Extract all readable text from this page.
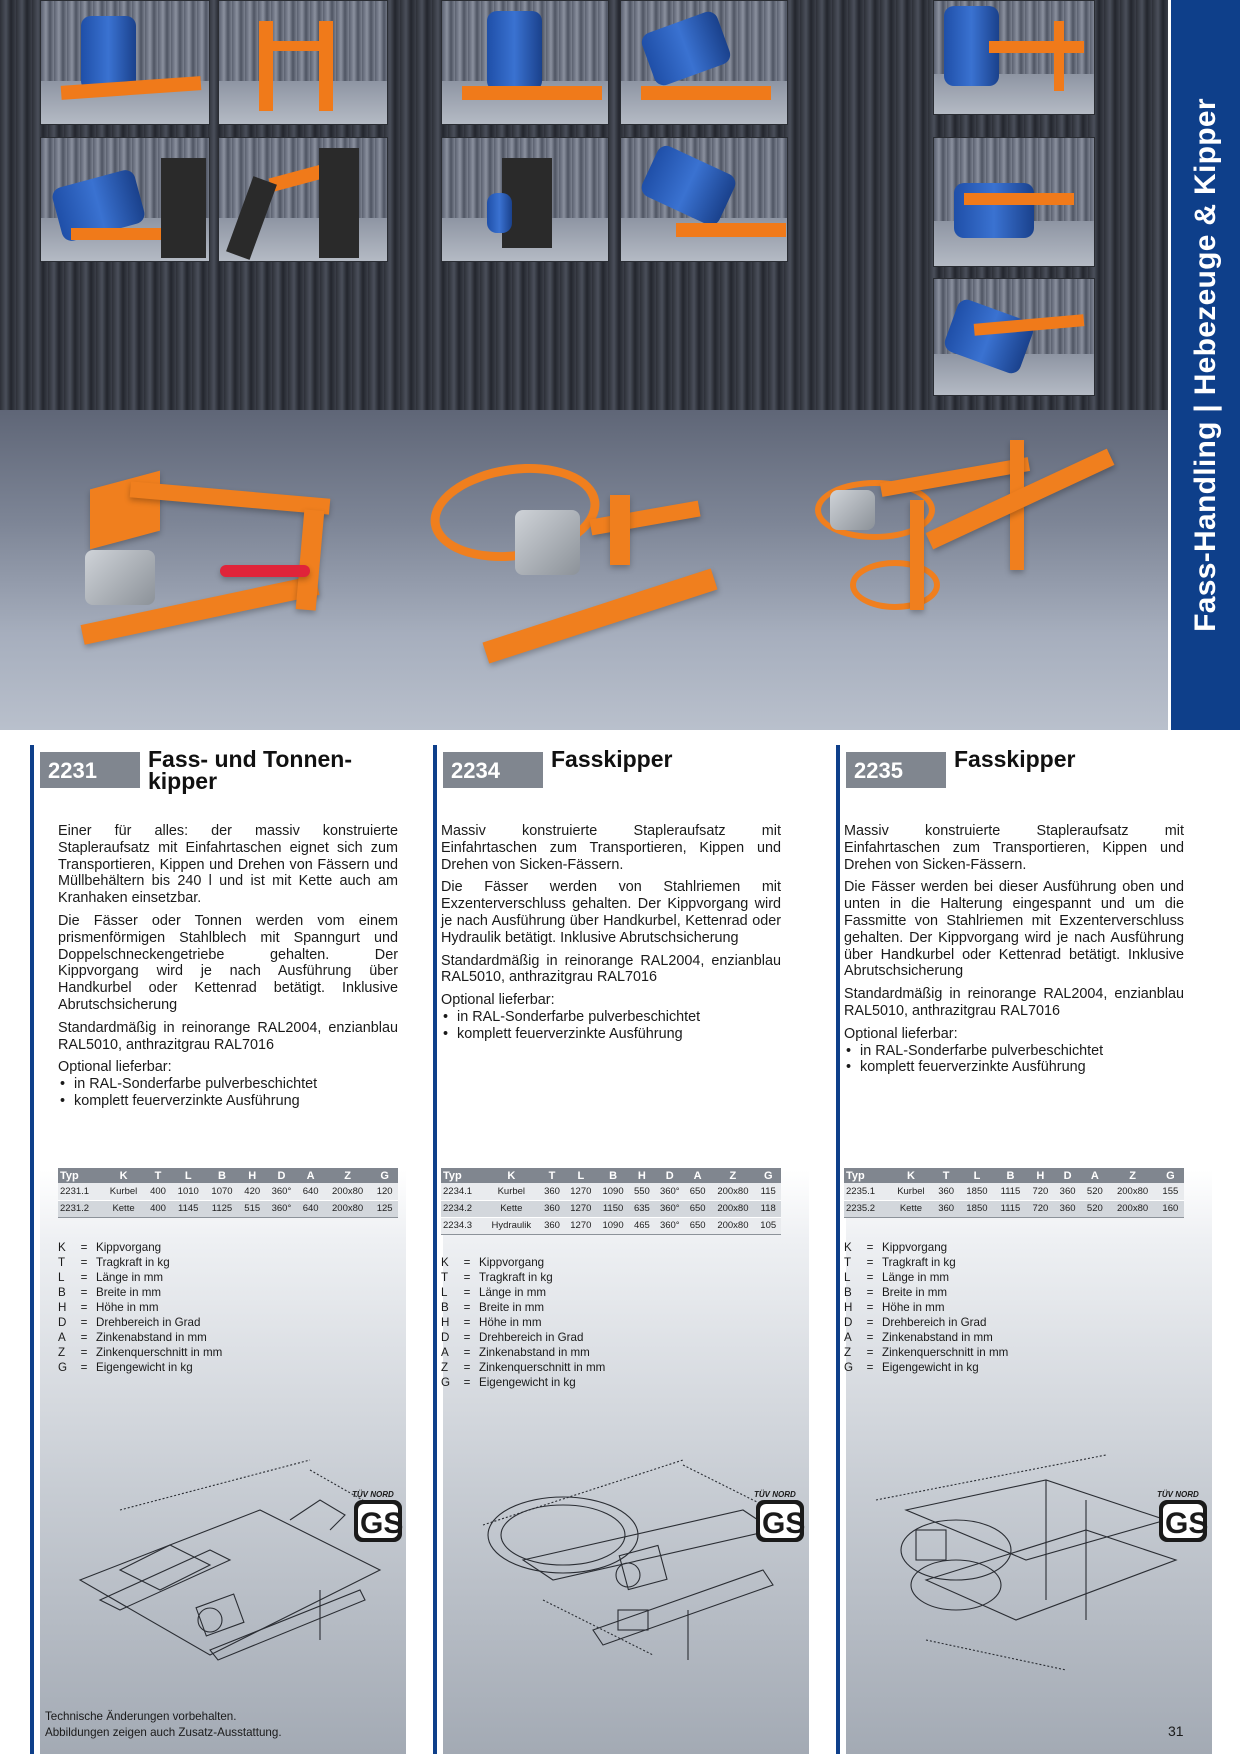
Fass-Handling | Hebezeuge & Kipper
2231	Fass- und Tonnen-
kipper

Einer für alles: der massiv konstruierte Stapleraufsatz mit Einfahrtaschen eignet sich zum Transportieren, Kippen und Drehen von Fässern und Müllbehältern bis 240 l und ist mit Kette auch am Kranhaken einsetzbar.

Die Fässer oder Tonnen werden vom einem prismenförmigen Stahlblech mit Spanngurt und Doppelschneckengetriebe gehalten. Der Kippvorgang wird je nach Ausführung über Handkurbel oder Kettenrad betätigt. Inklusive Abrutschsicherung

Standardmäßig in reinorange RAL2004, enzianblau RAL5010, anthrazitgrau RAL7016

Optional lieferbar:

• in RAL-Sonderfarbe pulverbeschichtet
• komplett feuerverzinkte Ausführung
Typ	K	T	L	B	H	D	A	Z	G
2231.1	Kurbel	400	1010	1070	420	360°	640	200x80	120
2231.2	Kette	400	1145	1125	515	360°	640	200x80	125
K	= Kippvorgang
T	= Tragkraft in kg
L	= Länge in mm
B	= Breite in mm
H	= Höhe in mm
D	= Drehbereich in Grad
A	= Zinkenabstand in mm
Z	= Zinkenquerschnitt in mm
G	= Eigengewicht in kg
2234	Fasskipper

Massiv konstruierte Stapleraufsatz mit Einfahrtaschen zum Transportieren, Kippen und Drehen von Sicken-Fässern.

Die Fässer werden von Stahlriemen mit Exzenterverschluss gehalten. Der Kippvorgang wird je nach Ausführung über Handkurbel, Kettenrad oder Hydraulik betätigt. Inklusive Abrutschsicherung

Standardmäßig in reinorange RAL2004, enzianblau RAL5010, anthrazitgrau RAL7016

Optional lieferbar:

• in RAL-Sonderfarbe pulverbeschichtet
• komplett feuerverzinkte Ausführung
Typ	K	T	L	B	H	D	A	Z	G
2234.1	Kurbel	360	1270	1090	550	360°	650	200x80	115
2234.2	Kette	360	1270	1150	635	360°	650	200x80	118
2234.3	Hydraulik	360	1270	1090	465	360°	650	200x80	105
K	= Kippvorgang
T	= Tragkraft in kg
L	= Länge in mm
B	= Breite in mm
H	= Höhe in mm
D	= Drehbereich in Grad
A	= Zinkenabstand in mm
Z	= Zinkenquerschnitt in mm
G	= Eigengewicht in kg
2235	Fasskipper

Massiv konstruierte Stapleraufsatz mit Einfahrtaschen zum Transportieren, Kippen und Drehen von Sicken-Fässern.

Die Fässer werden bei dieser Ausführung oben und unten in die Halterung eingespannt und um die Fassmitte von Stahlriemen mit Exzenterverschluss gehalten. Der Kippvorgang wird je nach Ausführung über Handkurbel oder Kettenrad betätigt. Inklusive Abrutschsicherung

Standardmäßig in reinorange RAL2004, enzianblau RAL5010, anthrazitgrau RAL7016

Optional lieferbar:

• in RAL-Sonderfarbe pulverbeschichtet
• komplett feuerverzinkte Ausführung
Typ	K	T	L	B	H	D	A	Z	G
2235.1	Kurbel	360	1850	1115	720	360	520	200x80	155
2235.2	Kette	360	1850	1115	720	360	520	200x80	160
K	= Kippvorgang
T	= Tragkraft in kg
L	= Länge in mm
B	= Breite in mm
H	= Höhe in mm
D	= Drehbereich in Grad
A	= Zinkenabstand in mm
Z	= Zinkenquerschnitt in mm
G	= Eigengewicht in kg
TÜV NORD
GS
TÜV NORD
GS
TÜV NORD
GS
Technische Änderungen vorbehalten.
Abbildungen zeigen auch Zusatz-Ausstattung.	31
